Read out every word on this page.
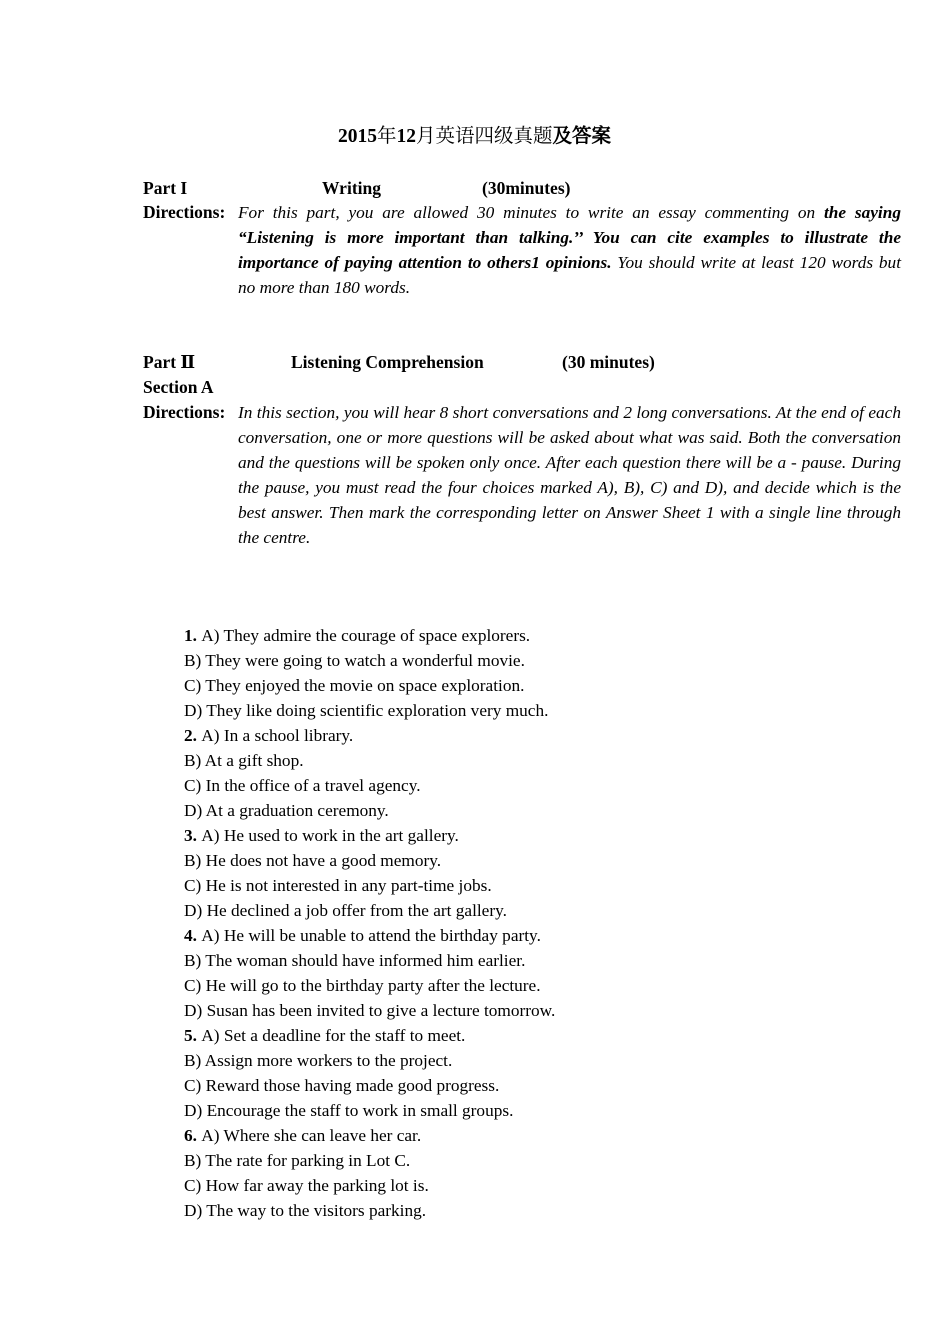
2015年12月英语四级真题及答案
Part I	Writing	(30minutes)
Directions: For this part, you are allowed 30 minutes to write an essay commenting on the saying “Listening is more important than talking.’’ You can cite examples to illustrate the importance of paying attention to others1 opinions. You should write at least 120 words but no more than 180 words.
Part Ⅱ	Listening Comprehension	(30 minutes)
Section A
Directions: In this section, you will hear 8 short conversations and 2 long conversations. At the end of each conversation, one or more questions will be asked about what was said. Both the conversation and the questions will be spoken only once. After each question there will be a - pause. During the pause, you must read the four choices marked A), B), C) and D), and decide which is the best answer. Then mark the corresponding letter on Answer Sheet 1 with a single line through the centre.
1. A) They admire the courage of space explorers.
B) They were going to watch a wonderful movie.
C) They enjoyed the movie on space exploration.
D) They like doing scientific exploration very much.
2. A) In a school library.
B) At a gift shop.
C) In the office of a travel agency.
D) At a graduation ceremony.
3. A) He used to work in the art gallery.
B) He does not have a good memory.
C) He is not interested in any part-time jobs.
D) He declined a job offer from the art gallery.
4. A) He will be unable to attend the birthday party.
B) The woman should have informed him earlier.
C) He will go to the birthday party after the lecture.
D) Susan has been invited to give a lecture tomorrow.
5. A) Set a deadline for the staff to meet.
B) Assign more workers to the project.
C) Reward those having made good progress.
D) Encourage the staff to work in small groups.
6. A) Where she can leave her car.
B) The rate for parking in Lot C.
C) How far away the parking lot is.
D) The way to the visitors parking.
